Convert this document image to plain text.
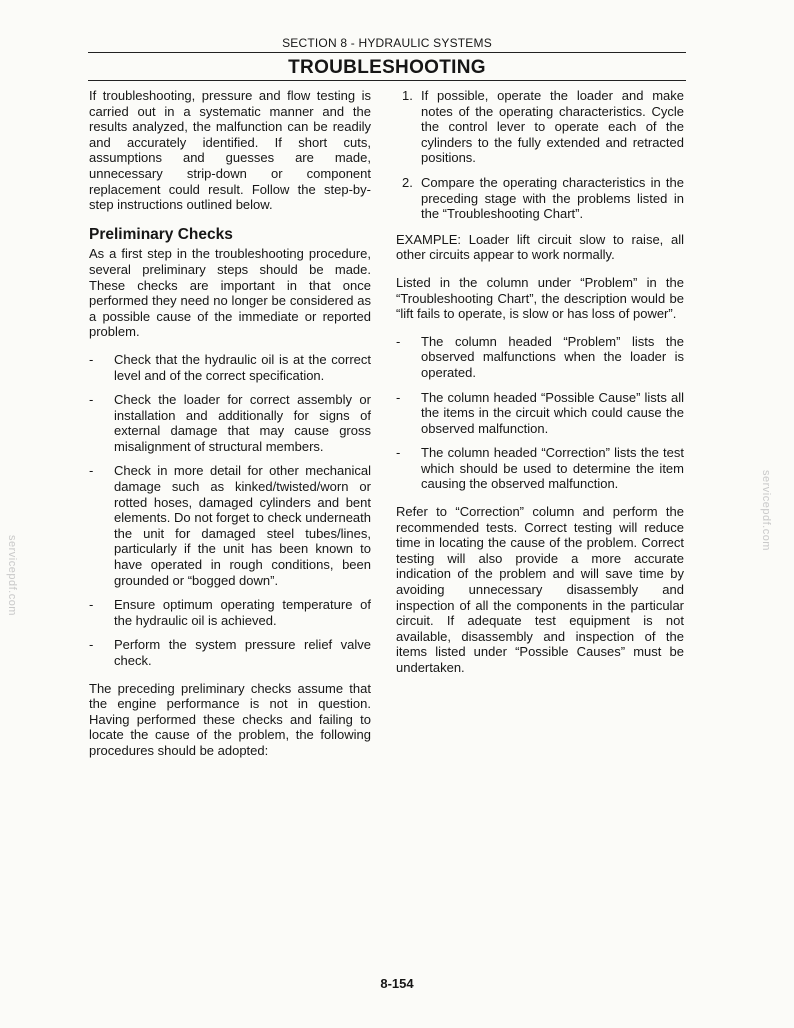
SECTION 8 - HYDRAULIC SYSTEMS
TROUBLESHOOTING

If troubleshooting, pressure and flow testing is carried out in a systematic manner and the results analyzed, the malfunction can be readily and accurately identified. If short cuts, assumptions and guesses are made, unnecessary strip-down or component replacement could result. Follow the step-by-step instructions outlined below.

Preliminary Checks

As a first step in the troubleshooting procedure, several preliminary steps should be made. These checks are important in that once performed they need no longer be considered as a possible cause of the immediate or reported problem.

- Check that the hydraulic oil is at the correct level and of the correct specification.
- Check the loader for correct assembly or installation and additionally for signs of external damage that may cause gross misalignment of structural members.
- Check in more detail for other mechanical damage such as kinked/twisted/worn or rotted hoses, damaged cylinders and bent elements. Do not forget to check underneath the unit for damaged steel tubes/lines, particularly if the unit has been known to have operated in rough conditions, been grounded or “bogged down”.
- Ensure optimum operating temperature of the hydraulic oil is achieved.
- Perform the system pressure relief valve check.

The preceding preliminary checks assume that the engine performance is not in question. Having performed these checks and failing to locate the cause of the problem, the following procedures should be adopted:

1. If possible, operate the loader and make notes of the operating characteristics. Cycle the control lever to operate each of the cylinders to the fully extended and retracted positions.
2. Compare the operating characteristics in the preceding stage with the problems listed in the “Troubleshooting Chart”.

EXAMPLE: Loader lift circuit slow to raise, all other circuits appear to work normally.

Listed in the column under “Problem” in the “Troubleshooting Chart”, the description would be “lift fails to operate, is slow or has loss of power”.

- The column headed “Problem” lists the observed malfunctions when the loader is operated.
- The column headed “Possible Cause” lists all the items in the circuit which could cause the observed malfunction.
- The column headed “Correction” lists the test which should be used to determine the item causing the observed malfunction.

Refer to “Correction” column and perform the recommended tests. Correct testing will reduce time in locating the cause of the problem. Correct testing will also provide a more accurate indication of the problem and will save time by avoiding unnecessary disassembly and inspection of all the components in the particular circuit. If adequate test equipment is not available, disassembly and inspection of the items listed under “Possible Causes” must be undertaken.

8-154
servicepdf.com
servicepdf.com
